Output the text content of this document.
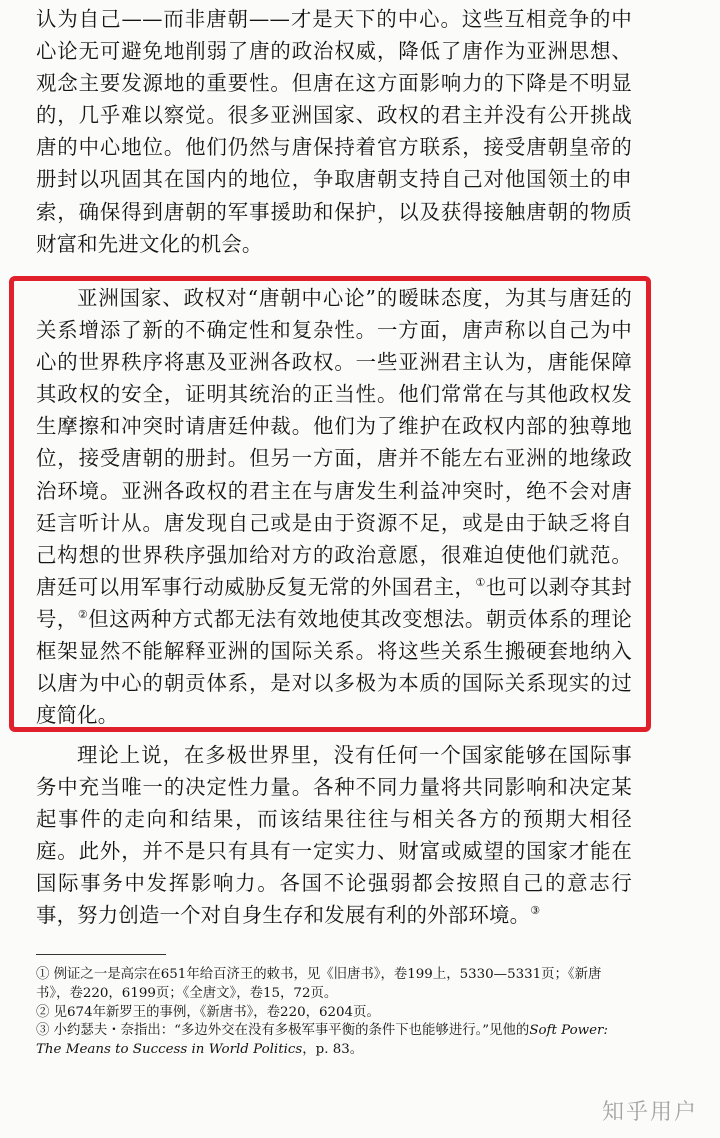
认为自己——而非唐朝——才是天下的中心。这些互相竞争的中心论无可避免地削弱了唐的政治权威，降低了唐作为亚洲思想、观念主要发源地的重要性。但唐在这方面影响力的下降是不明显的，几乎难以察觉。很多亚洲国家、政权的君主并没有公开挑战唐的中心地位。他们仍然与唐保持着官方联系，接受唐朝皇帝的册封以巩固其在国内的地位，争取唐朝支持自己对他国领土的申索，确保得到唐朝的军事援助和保护，以及获得接触唐朝的物质财富和先进文化的机会。
亚洲国家、政权对“唐朝中心论”的暧昧态度，为其与唐廷的关系增添了新的不确定性和复杂性。一方面，唐声称以自己为中心的世界秩序将惠及亚洲各政权。一些亚洲君主认为，唐能保障其政权的安全，证明其统治的正当性。他们常常在与其他政权发生摩擦和冲突时请唐廷仲裁。他们为了维护在政权内部的独尊地位，接受唐朝的册封。但另一方面，唐并不能左右亚洲的地缘政治环境。亚洲各政权的君主在与唐发生利益冲突时，绝不会对唐廷言听计从。唐发现自己或是由于资源不足，或是由于缺乏将自己构想的世界秩序强加给对方的政治意愿，很难迫使他们就范。唐廷可以用军事行动威胁反复无常的外国君主，①也可以剥夺其封号，②但这两种方式都无法有效地使其改变想法。朝贡体系的理论框架显然不能解释亚洲的国际关系。将这些关系生搬硬套地纳入以唐为中心的朝贡体系，是对以多极为本质的国际关系现实的过度简化。
理论上说，在多极世界里，没有任何一个国家能够在国际事务中充当唯一的决定性力量。各种不同力量将共同影响和决定某起事件的走向和结果，而该结果往往与相关各方的预期大相径庭。此外，并不是只有具有一定实力、财富或威望的国家才能在国际事务中发挥影响力。各国不论强弱都会按照自己的意志行事，努力创造一个对自身生存和发展有利的外部环境。③

① 例证之一是高宗在651年给百济王的敕书，见《旧唐书》，卷199上，5330—5331页；《新唐书》，卷220，6199页；《全唐文》，卷15，72页。

② 见674年新罗王的事例，《新唐书》，卷220，6204页。

③ 小约瑟夫・奈指出：“多边外交在没有多极军事平衡的条件下也能够进行。”见他的Soft Power: The Means to Success in World Politics，p. 83。

知乎用户
